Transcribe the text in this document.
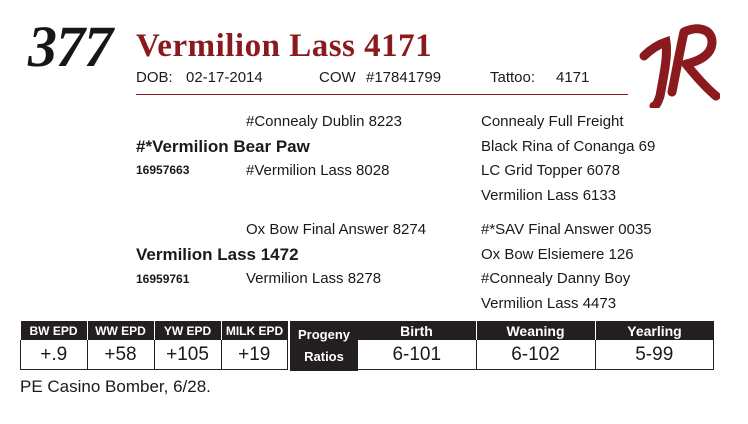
377 Vermilion Lass 4171
DOB: 02-17-2014	COW #17841799	Tattoo: 4171
#Connealy Dublin 8223
#*Vermilion Bear Paw
16957663	#Vermilion Lass 8028
Connealy Full Freight
Black Rina of Conanga 69
LC Grid Topper 6078
Vermilion Lass 6133
Ox Bow Final Answer 8274
Vermilion Lass 1472
16959761	Vermilion Lass 8278
#*SAV Final Answer 0035
Ox Bow Elsiemere 126
#Connealy Danny Boy
Vermilion Lass 4473
BW EPD	WW EPD	YW EPD	MILK EPD
+.9	+58	+105	+19
Progeny
Ratios
Birth	Weaning	Yearling
6-101	6-102	5-99
PE Casino Bomber, 6/28.
